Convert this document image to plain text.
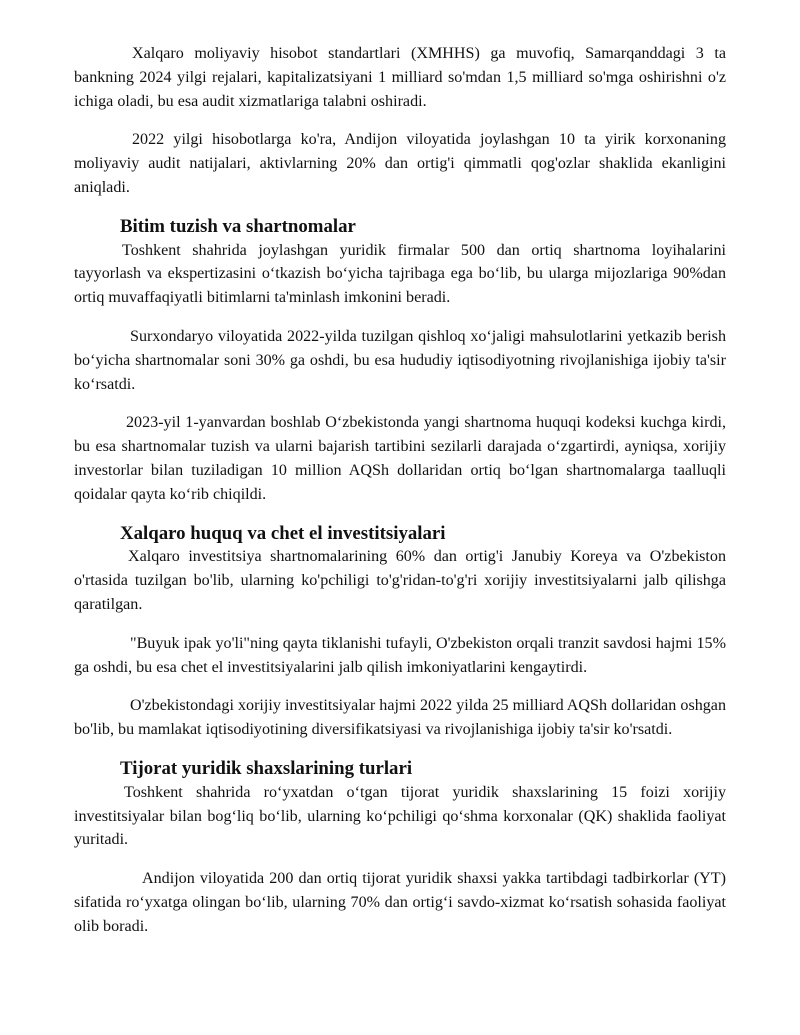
Xalqaro moliyaviy hisobot standartlari (XMHHS) ga muvofiq, Samarqanddagi 3 ta bankning 2024 yilgi rejalari, kapitalizatsiyani 1 milliard so'mdan 1,5 milliard so'mga oshirishni o'z ichiga oladi, bu esa audit xizmatlariga talabni oshiradi.

2022 yilgi hisobotlarga ko'ra, Andijon viloyatida joylashgan 10 ta yirik korxonaning moliyaviy audit natijalari, aktivlarning 20% dan ortig'i qimmatli qog'ozlar shaklida ekanligini aniqladi.

Bitim tuzish va shartnomalar

Toshkent shahrida joylashgan yuridik firmalar 500 dan ortiq shartnoma loyihalarini tayyorlash va ekspertizasini o‘tkazish bo‘yicha tajribaga ega bo‘lib, bu ularga mijozlariga 90%dan ortiq muvaffaqiyatli bitimlarni ta'minlash imkonini beradi.

Surxondaryo viloyatida 2022-yilda tuzilgan qishloq xo‘jaligi mahsulotlarini yetkazib berish bo‘yicha shartnomalar soni 30% ga oshdi, bu esa hududiy iqtisodiyotning rivojlanishiga ijobiy ta'sir ko‘rsatdi.

2023-yil 1-yanvardan boshlab O‘zbekistonda yangi shartnoma huquqi kodeksi kuchga kirdi, bu esa shartnomalar tuzish va ularni bajarish tartibini sezilarli darajada o‘zgartirdi, ayniqsa, xorijiy investorlar bilan tuziladigan 10 million AQSh dollaridan ortiq bo‘lgan shartnomalarga taalluqli qoidalar qayta ko‘rib chiqildi.

Xalqaro huquq va chet el investitsiyalari

Xalqaro investitsiya shartnomalarining 60% dan ortig'i Janubiy Koreya va O'zbekiston o'rtasida tuzilgan bo'lib, ularning ko'pchiligi to'g'ridan-to'g'ri xorijiy investitsiyalarni jalb qilishga qaratilgan.

"Buyuk ipak yo'li"ning qayta tiklanishi tufayli, O'zbekiston orqali tranzit savdosi hajmi 15% ga oshdi, bu esa chet el investitsiyalarini jalb qilish imkoniyatlarini kengaytirdi.

O'zbekistondagi xorijiy investitsiyalar hajmi 2022 yilda 25 milliard AQSh dollaridan oshgan bo'lib, bu mamlakat iqtisodiyotining diversifikatsiyasi va rivojlanishiga ijobiy ta'sir ko'rsatdi.

Tijorat yuridik shaxslarining turlari

Toshkent shahrida ro‘yxatdan o‘tgan tijorat yuridik shaxslarining 15 foizi xorijiy investitsiyalar bilan bog‘liq bo‘lib, ularning ko‘pchiligi qo‘shma korxonalar (QK) shaklida faoliyat yuritadi.

Andijon viloyatida 200 dan ortiq tijorat yuridik shaxsi yakka tartibdagi tadbirkorlar (YT) sifatida ro‘yxatga olingan bo‘lib, ularning 70% dan ortig‘i savdo-xizmat ko‘rsatish sohasida faoliyat olib boradi.
